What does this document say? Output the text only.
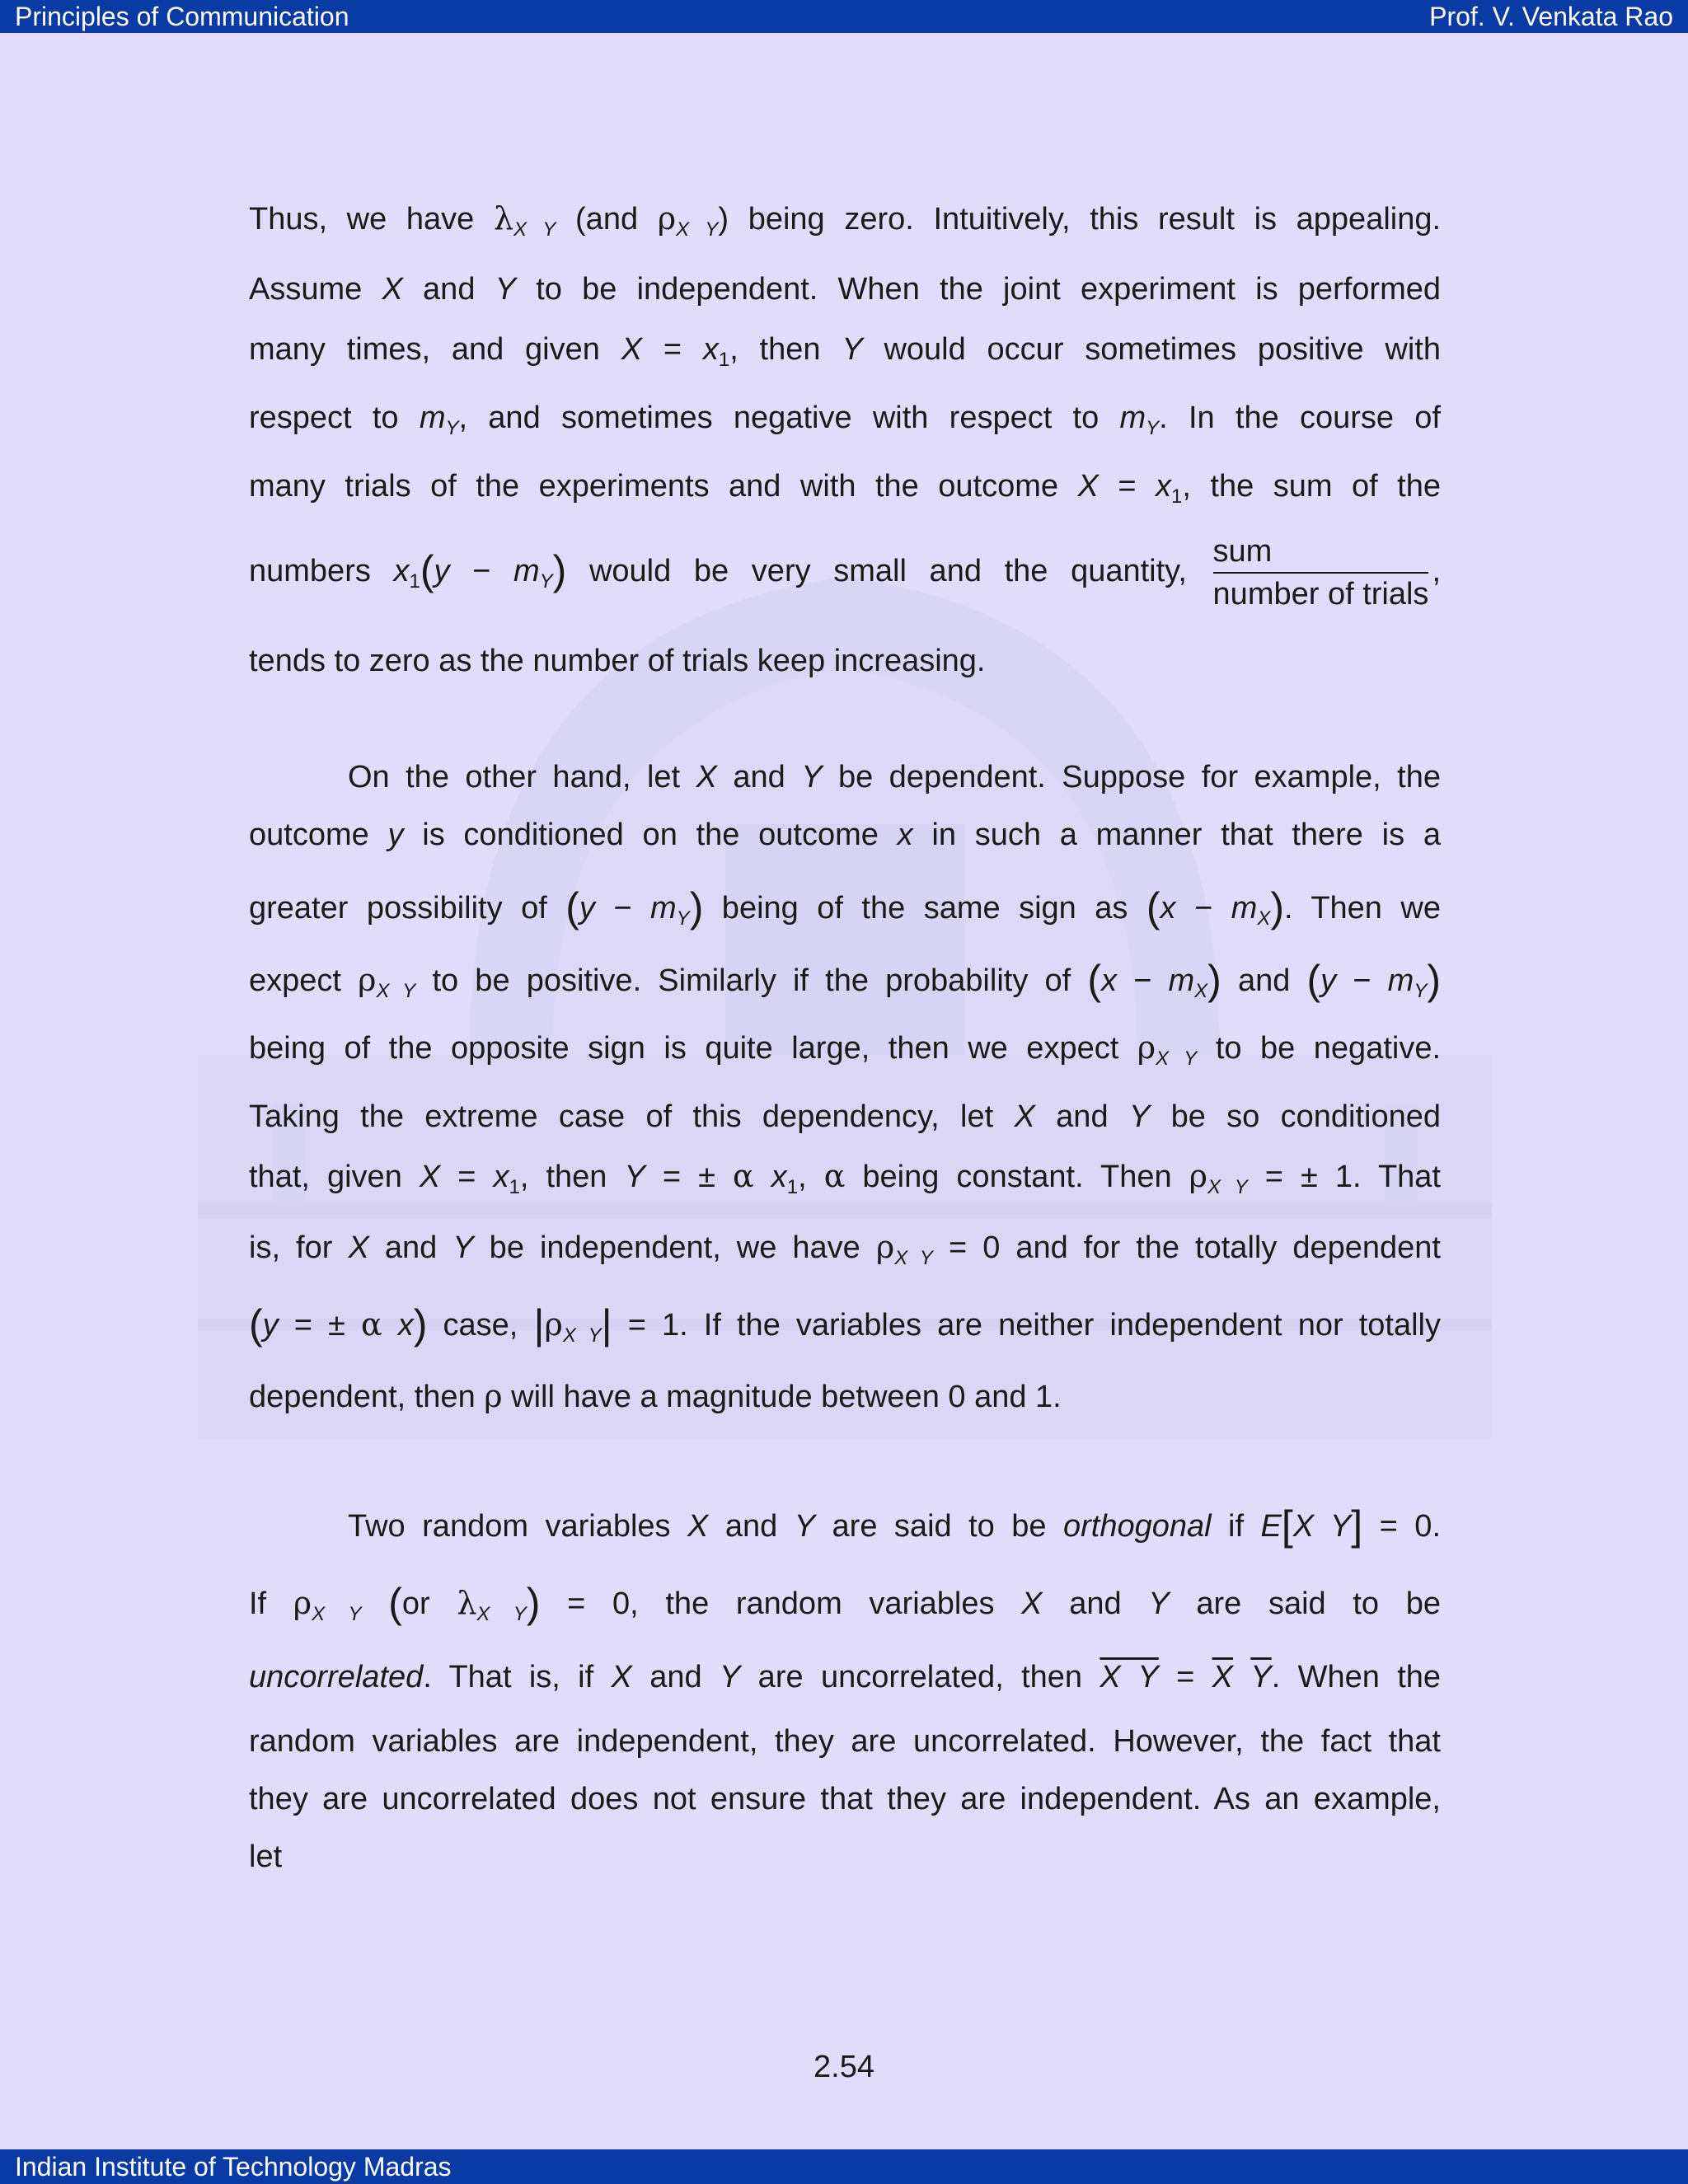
Principles of Communication	Prof. V. Venkata Rao
Thus, we have $\lambda_{X Y}$ (and $\rho_{X Y}$) being zero. Intuitively, this result is appealing.
Assume X and Y to be independent. When the joint experiment is performed
many times, and given $X = x_1$, then Y would occur sometimes positive with
respect to $m_Y$, and sometimes negative with respect to $m_Y$. In the course of
many trials of the experiments and with the outcome $X = x_1$, the sum of the
numbers $x_1(y - m_Y)$ would be very small and the quantity, $\frac{\text{sum}}{\text{number of trials}}$ ,
tends to zero as the number of trials keep increasing.
On the other hand, let X and Y be dependent. Suppose for example, the
outcome y is conditioned on the outcome x in such a manner that there is a
greater possibility of $(y - m_Y)$ being of the same sign as $(x - m_X)$. Then we
expect $\rho_{X Y}$ to be positive. Similarly if the probability of $(x - m_X)$ and $(y - m_Y)$
being of the opposite sign is quite large, then we expect $\rho_{X Y}$ to be negative.
Taking the extreme case of this dependency, let X and Y be so conditioned
that, given $X = x_1$, then Y = ± α $x_1$, α being constant. Then $\rho_{X Y}$ = ± 1. That
is, for X and Y be independent, we have $\rho_{X Y} = 0$ and for the totally dependent
(y = ± α x) case, $|\rho_{X Y}| = 1$. If the variables are neither independent nor totally
dependent, then ρ will have a magnitude between 0 and 1.
Two random variables X and Y are said to be orthogonal if E[X Y] = 0.
If $\rho_{X Y}$ (or $\lambda_{X Y}) = 0$, the random variables X and Y are said to be
uncorrelated. That is, if X and Y are uncorrelated, then X $Y = \overline{X}$ $\overline{Y}$. When the
random variables are independent, they are uncorrelated. However, the fact that
they are uncorrelated does not ensure that they are independent. As an example,
let
2.54
Indian Institute of Technology Madras
